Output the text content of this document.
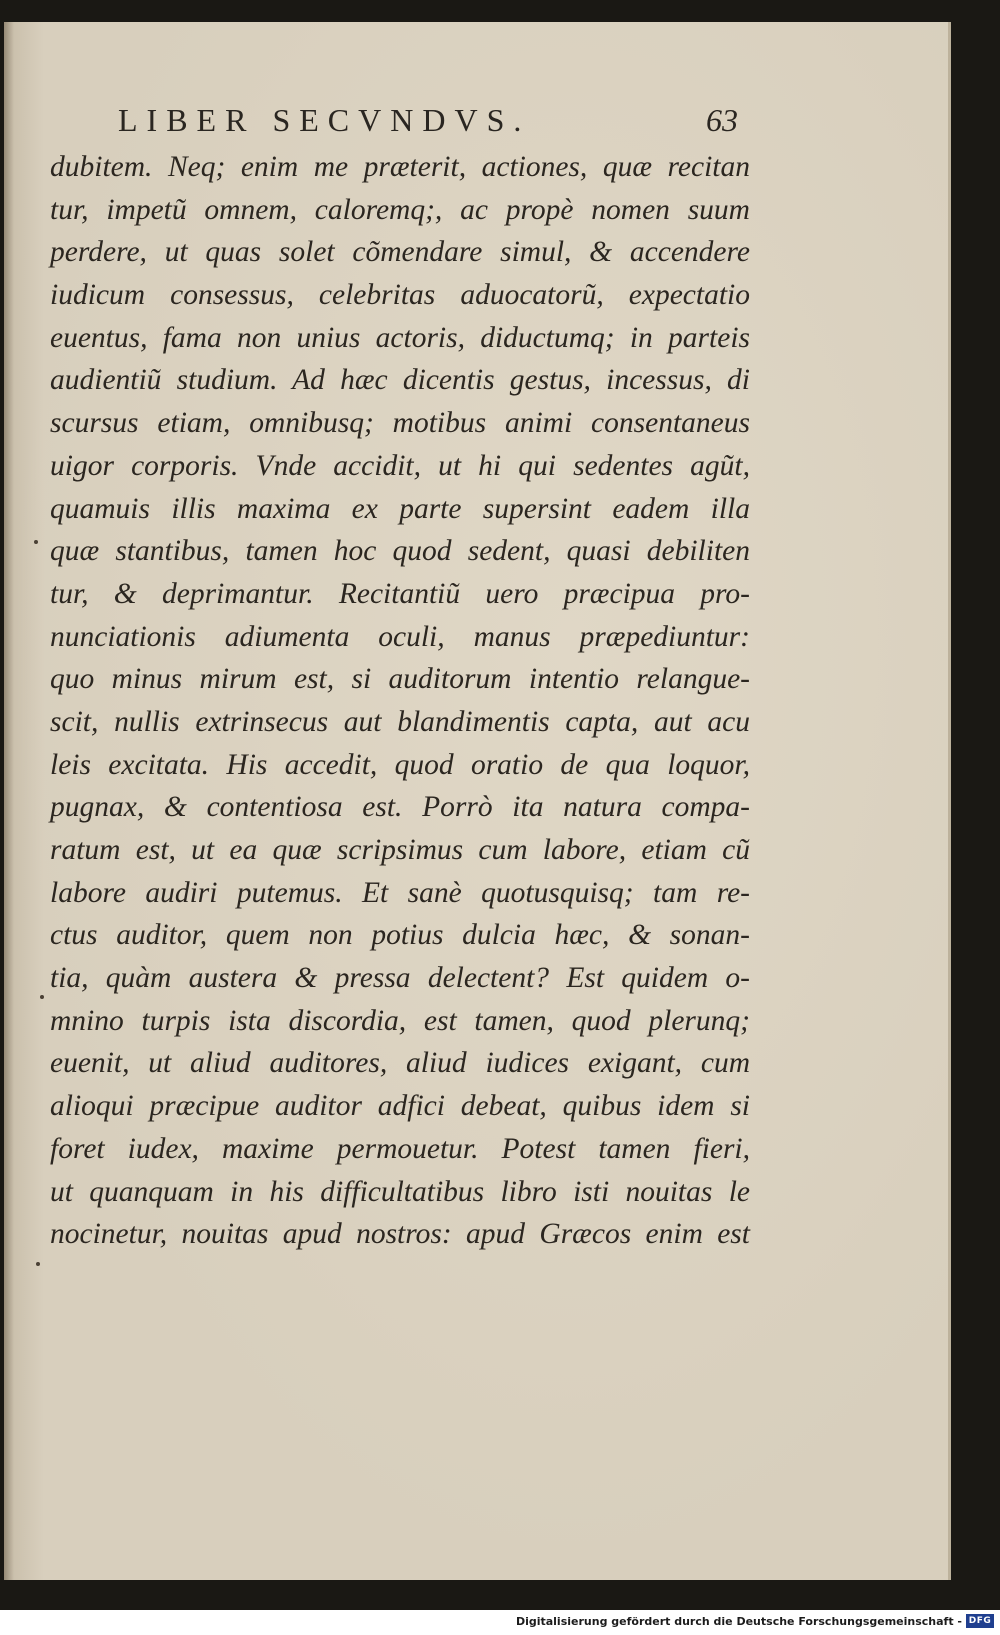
LIBER SECVNDVS.	63
dubitem. Neq; enim me prӕterit, actiones, quӕ recitan
tur, impetũ omnem, caloremq;, ac propè nomen suum
perdere, ut quas solet cõmendare simul, & accendere
iudicum consessus, celebritas aduocatorũ, expectatio
euentus, fama non unius actoris, diductumq; in parteis
audientiũ studium. Ad hӕc dicentis gestus, incessus, di
scursus etiam, omnibusq; motibus animi consentaneus
uigor corporis. Vnde accidit, ut hi qui sedentes agũt,
quamuis illis maxima ex parte supersint eadem illa
quӕ stantibus, tamen hoc quod sedent, quasi debiliten
tur, & deprimantur. Recitantiũ uero prӕcipua pro-
nunciationis adiumenta oculi, manus prӕpediuntur:
quo minus mirum est, si auditorum intentio relangue-
scit, nullis extrinsecus aut blandimentis capta, aut acu
leis excitata. His accedit, quod oratio de qua loquor,
pugnax, & contentiosa est. Porrò ita natura compa-
ratum est, ut ea quӕ scripsimus cum labore, etiam cũ
labore audiri putemus. Et sanè quotusquisq; tam re-
ctus auditor, quem non potius dulcia hӕc, & sonan-
tia, quàm austera & pressa delectent? Est quidem o-
mnino turpis ista discordia, est tamen, quod plerunq;
euenit, ut aliud auditores, aliud iudices exigant, cum
alioqui prӕcipue auditor adfici debeat, quibus idem si
foret iudex, maxime permouetur. Potest tamen fieri,
ut quanquam in his difficultatibus libro isti nouitas le
nocinetur, nouitas apud nostros: apud Grӕcos enim est
Digitalisierung gefördert durch die Deutsche Forschungsgemeinschaft - DFG
